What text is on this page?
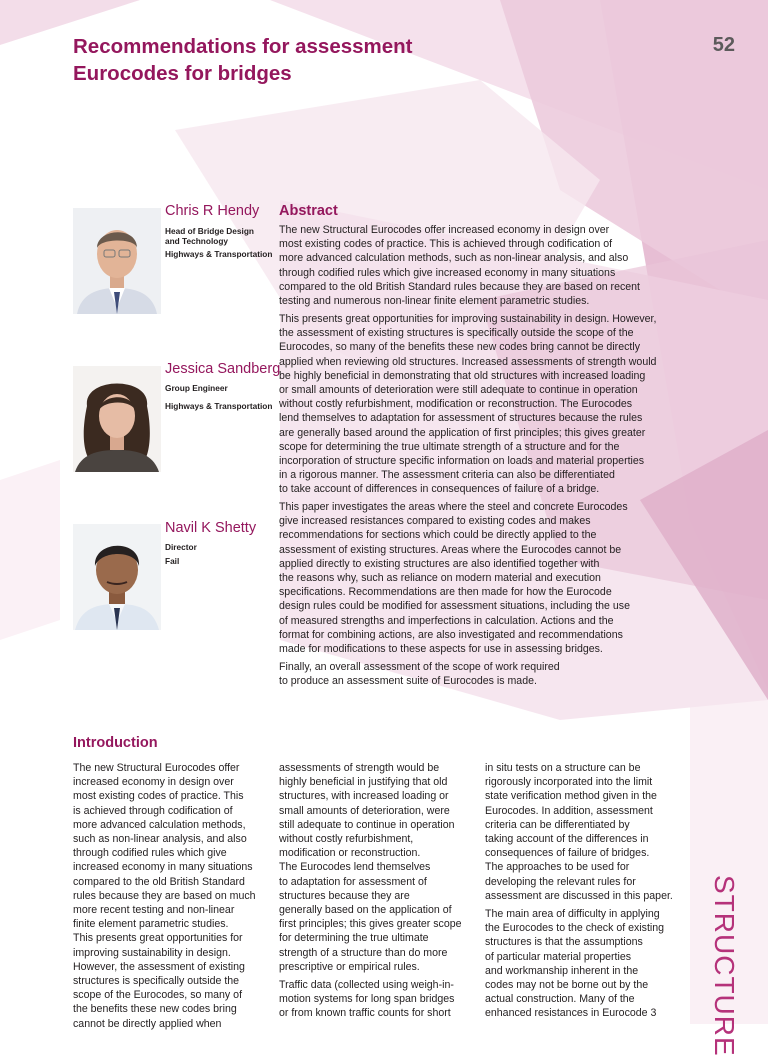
Recommendations for assessment
Eurocodes for bridges
52
Chris R Hendy
Head of Bridge Design
and Technology
Highways & Transportation
Jessica Sandberg
Group Engineer
Highways & Transportation
Navil K Shetty
Director
Fail
Abstract
The new Structural Eurocodes offer increased economy in design over
most existing codes of practice. This is achieved through codification of
more advanced calculation methods, such as non-linear analysis, and also
through codified rules which give increased economy in many situations
compared to the old British Standard rules because they are based on recent
testing and numerous non-linear finite element parametric studies.
This presents great opportunities for improving sustainability in design. However,
the assessment of existing structures is specifically outside the scope of the
Eurocodes, so many of the benefits these new codes bring cannot be directly
applied when reviewing old structures. Increased assessments of strength would
be highly beneficial in demonstrating that old structures with increased loading
or small amounts of deterioration were still adequate to continue in operation
without costly refurbishment, modification or reconstruction. The Eurocodes
lend themselves to adaptation for assessment of structures because the rules
are generally based around the application of first principles; this gives greater
scope for determining the true ultimate strength of a structure and for the
incorporation of structure specific information on loads and material properties
in a rigorous manner. The assessment criteria can also be differentiated
to take account of differences in consequences of failure of a bridge.
This paper investigates the areas where the steel and concrete Eurocodes
give increased resistances compared to existing codes and makes
recommendations for sections which could be directly applied to the
assessment of existing structures. Areas where the Eurocodes cannot be
applied directly to existing structures are also identified together with
the reasons why, such as reliance on modern material and execution
specifications. Recommendations are then made for how the Eurocode
design rules could be modified for assessment situations, including the use
of measured strengths and imperfections in calculation. Actions and the
format for combining actions, are also investigated and recommendations
made for modifications to these aspects for use in assessing bridges.
Finally, an overall assessment of the scope of work required
to produce an assessment suite of Eurocodes is made.
Introduction
The new Structural Eurocodes offer
increased economy in design over
most existing codes of practice. This
is achieved through codification of
more advanced calculation methods,
such as non-linear analysis, and also
through codified rules which give
increased economy in many situations
compared to the old British Standard
rules because they are based on much
more recent testing and non-linear
finite element parametric studies.
This presents great opportunities for
improving sustainability in design.
However, the assessment of existing
structures is specifically outside the
scope of the Eurocodes, so many of
the benefits these new codes bring
cannot be directly applied when
assessments of strength would be
highly beneficial in justifying that old
structures, with increased loading or
small amounts of deterioration, were
still adequate to continue in operation
without costly refurbishment,
modification or reconstruction.
The Eurocodes lend themselves
to adaptation for assessment of
structures because they are
generally based on the application of
first principles; this gives greater scope
for determining the true ultimate
strength of a structure than do more
prescriptive or empirical rules.
Traffic data (collected using weigh-in-
motion systems for long span bridges
or from known traffic counts for short
in situ tests on a structure can be
rigorously incorporated into the limit
state verification method given in the
Eurocodes. In addition, assessment
criteria can be differentiated by
taking account of the differences in
consequences of failure of bridges.
The approaches to be used for
developing the relevant rules for
assessment are discussed in this paper.
The main area of difficulty in applying
the Eurocodes to the check of existing
structures is that the assumptions
of particular material properties
and workmanship inherent in the
codes may not be borne out by the
actual construction. Many of the
enhanced resistances in Eurocode 3	STRUCTURE
